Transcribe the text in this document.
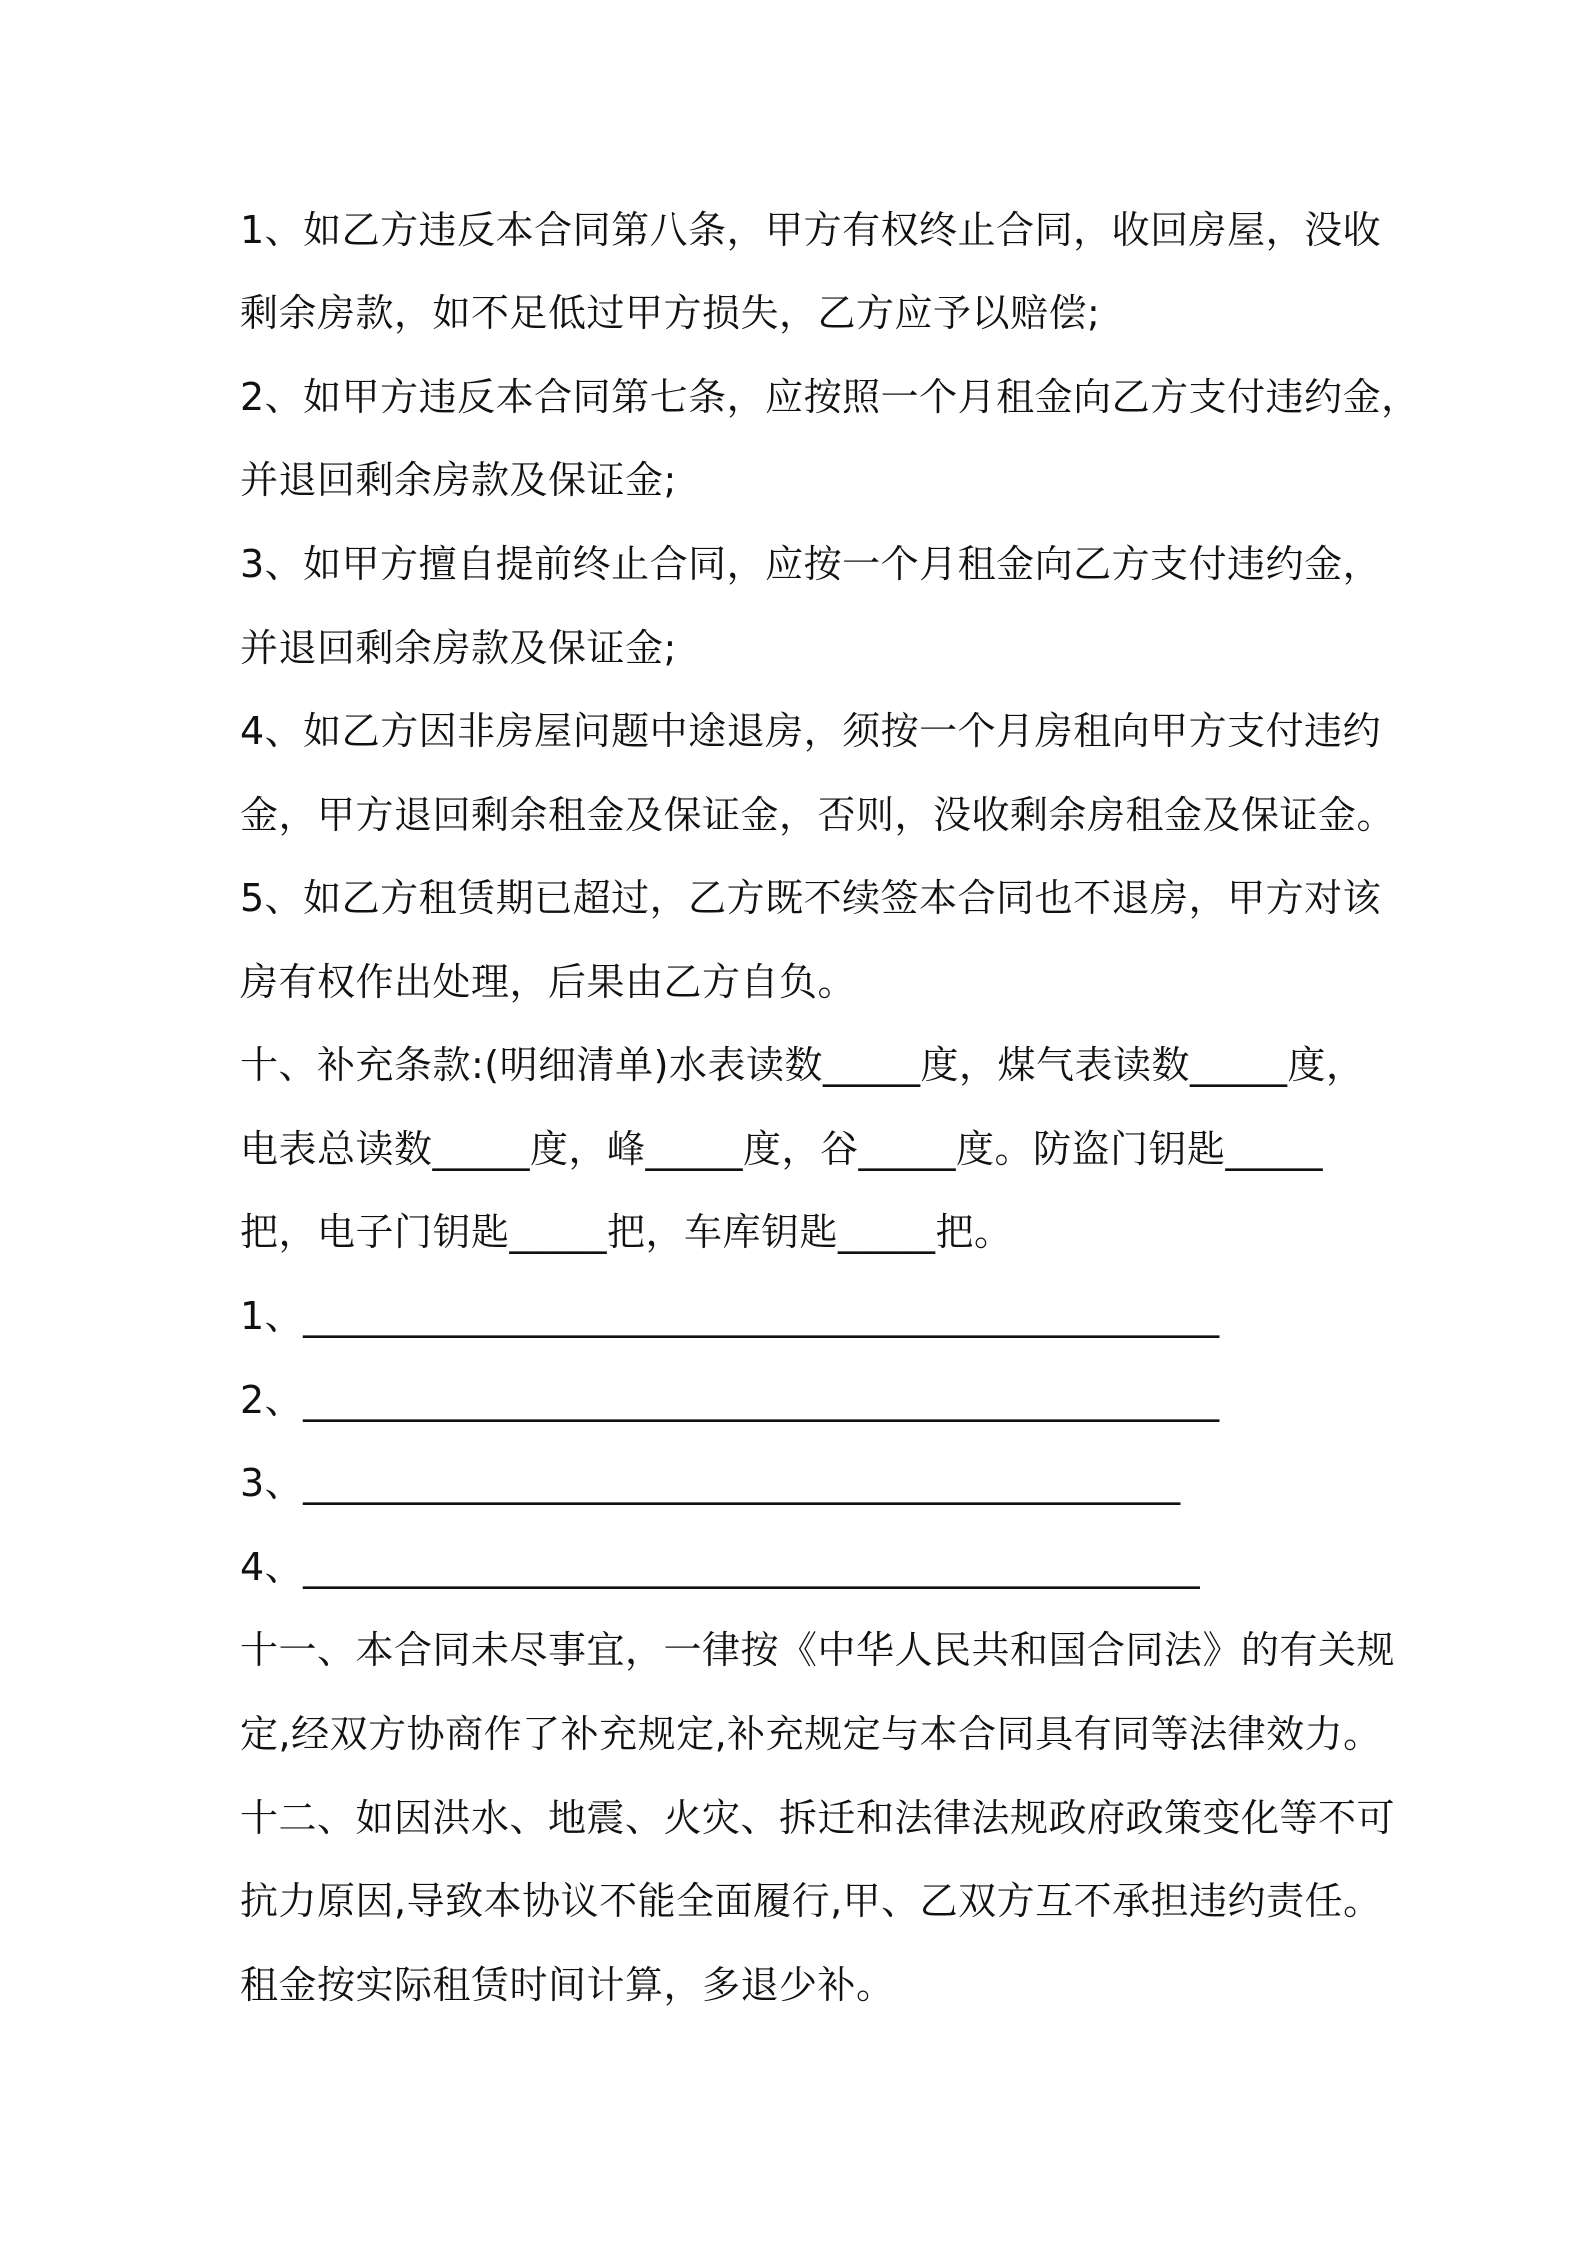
1、如乙方违反本合同第八条，甲方有权终止合同，收回房屋，没收
剩余房款，如不足低过甲方损失，乙方应予以赔偿;
2、如甲方违反本合同第七条，应按照一个月租金向乙方支付违约金，
并退回剩余房款及保证金;
3、如甲方擅自提前终止合同，应按一个月租金向乙方支付违约金，
并退回剩余房款及保证金;
4、如乙方因非房屋问题中途退房，须按一个月房租向甲方支付违约
金，甲方退回剩余租金及保证金，否则，没收剩余房租金及保证金。
5、如乙方租赁期已超过，乙方既不续签本合同也不退房，甲方对该
房有权作出处理，后果由乙方自负。
十、补充条款:(明细清单)水表读数_____度，煤气表读数_____度，
电表总读数_____度，峰_____度，谷_____度。防盗门钥匙_____
把，电子门钥匙_____把，车库钥匙_____把。
1、_______________________________________________
2、_______________________________________________
3、_____________________________________________
4、______________________________________________
十一、本合同未尽事宜，一律按《中华人民共和国合同法》的有关规
定,经双方协商作了补充规定,补充规定与本合同具有同等法律效力。
十二、如因洪水、地震、火灾、拆迁和法律法规政府政策变化等不可
抗力原因,导致本协议不能全面履行,甲、乙双方互不承担违约责任。
租金按实际租赁时间计算，多退少补。
